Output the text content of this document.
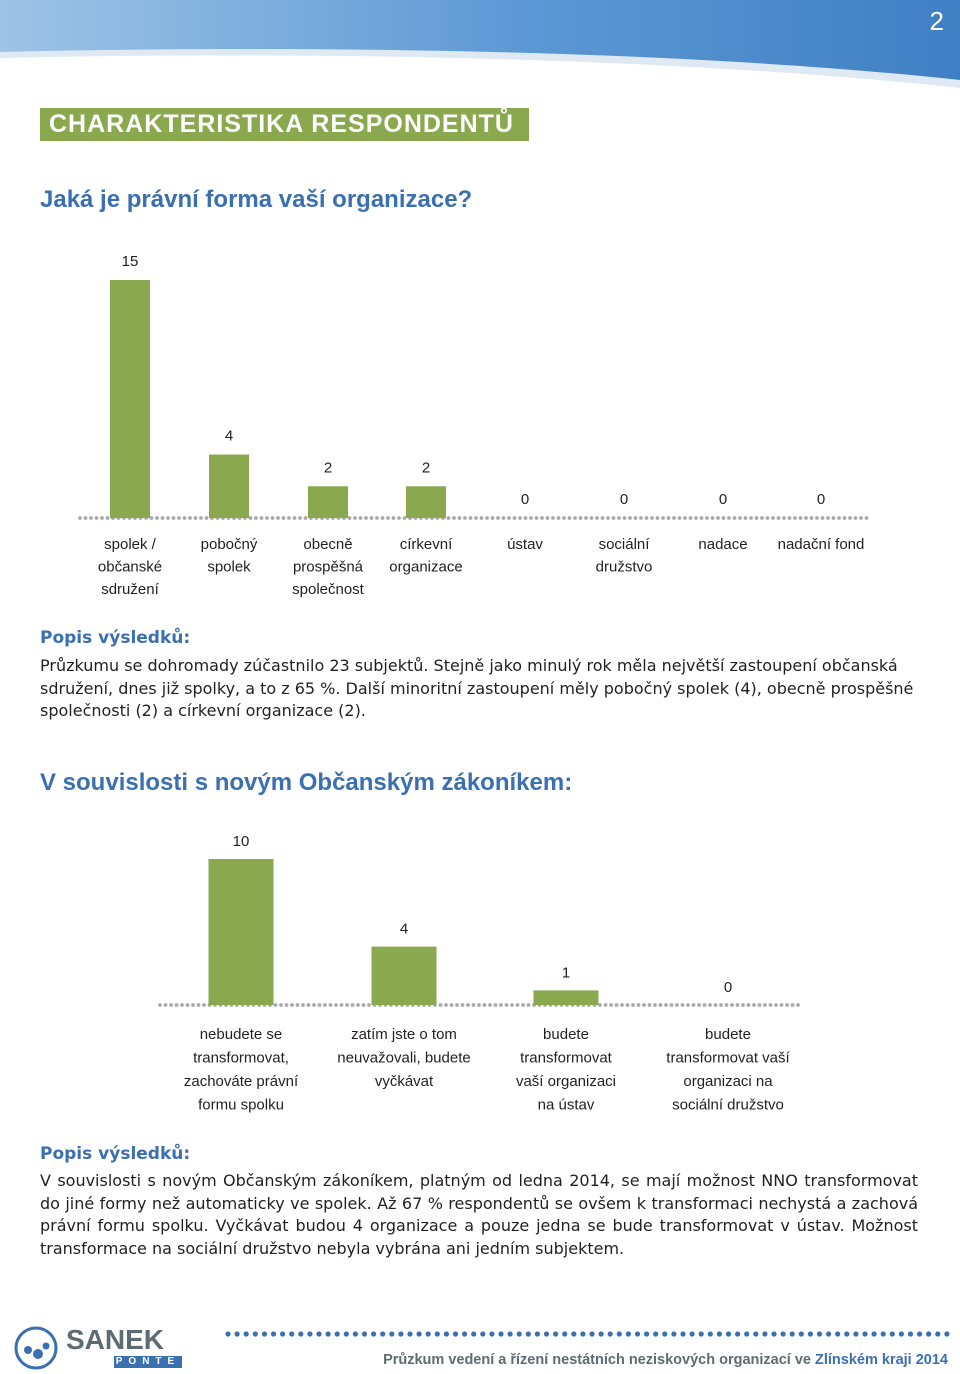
2
CHARAKTERISTIKA RESPONDENTŮ
Jaká je právní forma vaší organizace?
15
spolek /
občanské
sdružení
4
pobočný
spolek
2
obecně
prospěšná
společnost
2
církevní
organizace
0
ústav
0
sociální
družstvo
0
nadace
0
nadační fond
10
nebudete se
transformovat,
zachováte právní
formu spolku
4
zatím jste o tom
neuvažovali, budete
vyčkávat
1
budete
transformovat
vaší organizaci
na ústav
0
budete
transformovat vaší
organizaci na
sociální družstvo
Popis výsledků:
Průzkumu se dohromady zúčastnilo 23 subjektů. Stejně jako minulý rok měla největší zastoupení občanská sdružení, dnes již spolky, a to z 65 %. Další minoritní zastoupení měly pobočný spolek (4), obecně prospěšné společnosti (2) a církevní organizace (2).
V souvislosti s novým Občanským zákoníkem:
Popis výsledků:
V souvislosti s novým Občanským zákoníkem, platným od ledna 2014, se mají možnost NNO transformovat do jiné formy než automaticky ve spolek. Až 67 % respondentů se ovšem k transformaci nechystá a zachová právní formu spolku. Vyčkávat budou 4 organizace a pouze jedna se bude transformovat v ústav. Možnost transformace na sociální družstvo nebyla vybrána ani jedním subjektem.
SANEK
PONTE	Průzkum vedení a řízení nestátních neziskových organizací ve Zlínském kraji 2014
